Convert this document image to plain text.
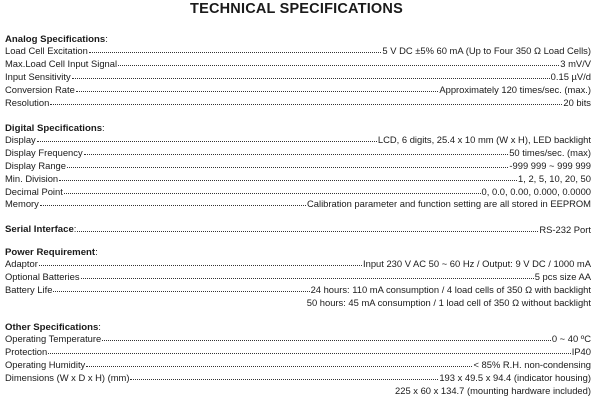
TECHNICAL SPECIFICATIONS
Analog Specifications:
Load Cell Excitation	5 V DC ±5% 60 mA (Up to Four 350 Ω Load Cells)
Max.Load Cell Input Signal	3 mV/V
Input Sensitivity	0.15 µV/d
Conversion Rate	Approximately 120 times/sec. (max.)
Resolution	20 bits
Digital Specifications:
Display	LCD, 6 digits, 25.4 x 10 mm (W x H), LED backlight
Display Frequency	50 times/sec. (max)
Display Range	-999 999 ~ 999 999
Min. Division	1, 2, 5, 10, 20, 50
Decimal Point	0, 0.0, 0.00, 0.000, 0.0000
Memory	Calibration parameter and function setting are all stored in EEPROM
Serial Interface:	RS-232 Port
Power Requirement:
Adaptor	Input 230 V AC 50 ~ 60 Hz / Output: 9 V DC / 1000 mA
Optional Batteries	5 pcs size AA
Battery Life	24 hours: 110 mA consumption / 4 load cells of 350 Ω with backlight
50 hours: 45 mA consumption / 1 load cell of 350 Ω without backlight
Other Specifications:
Operating Temperature	0 ~ 40 ºC
Protection	IP40
Operating Humidity	< 85% R.H. non-condensing
Dimensions (W x D x H) (mm)	193 x 49.5 x 94.4 (indicator housing)
225 x 60 x 134.7 (mounting hardware included)
